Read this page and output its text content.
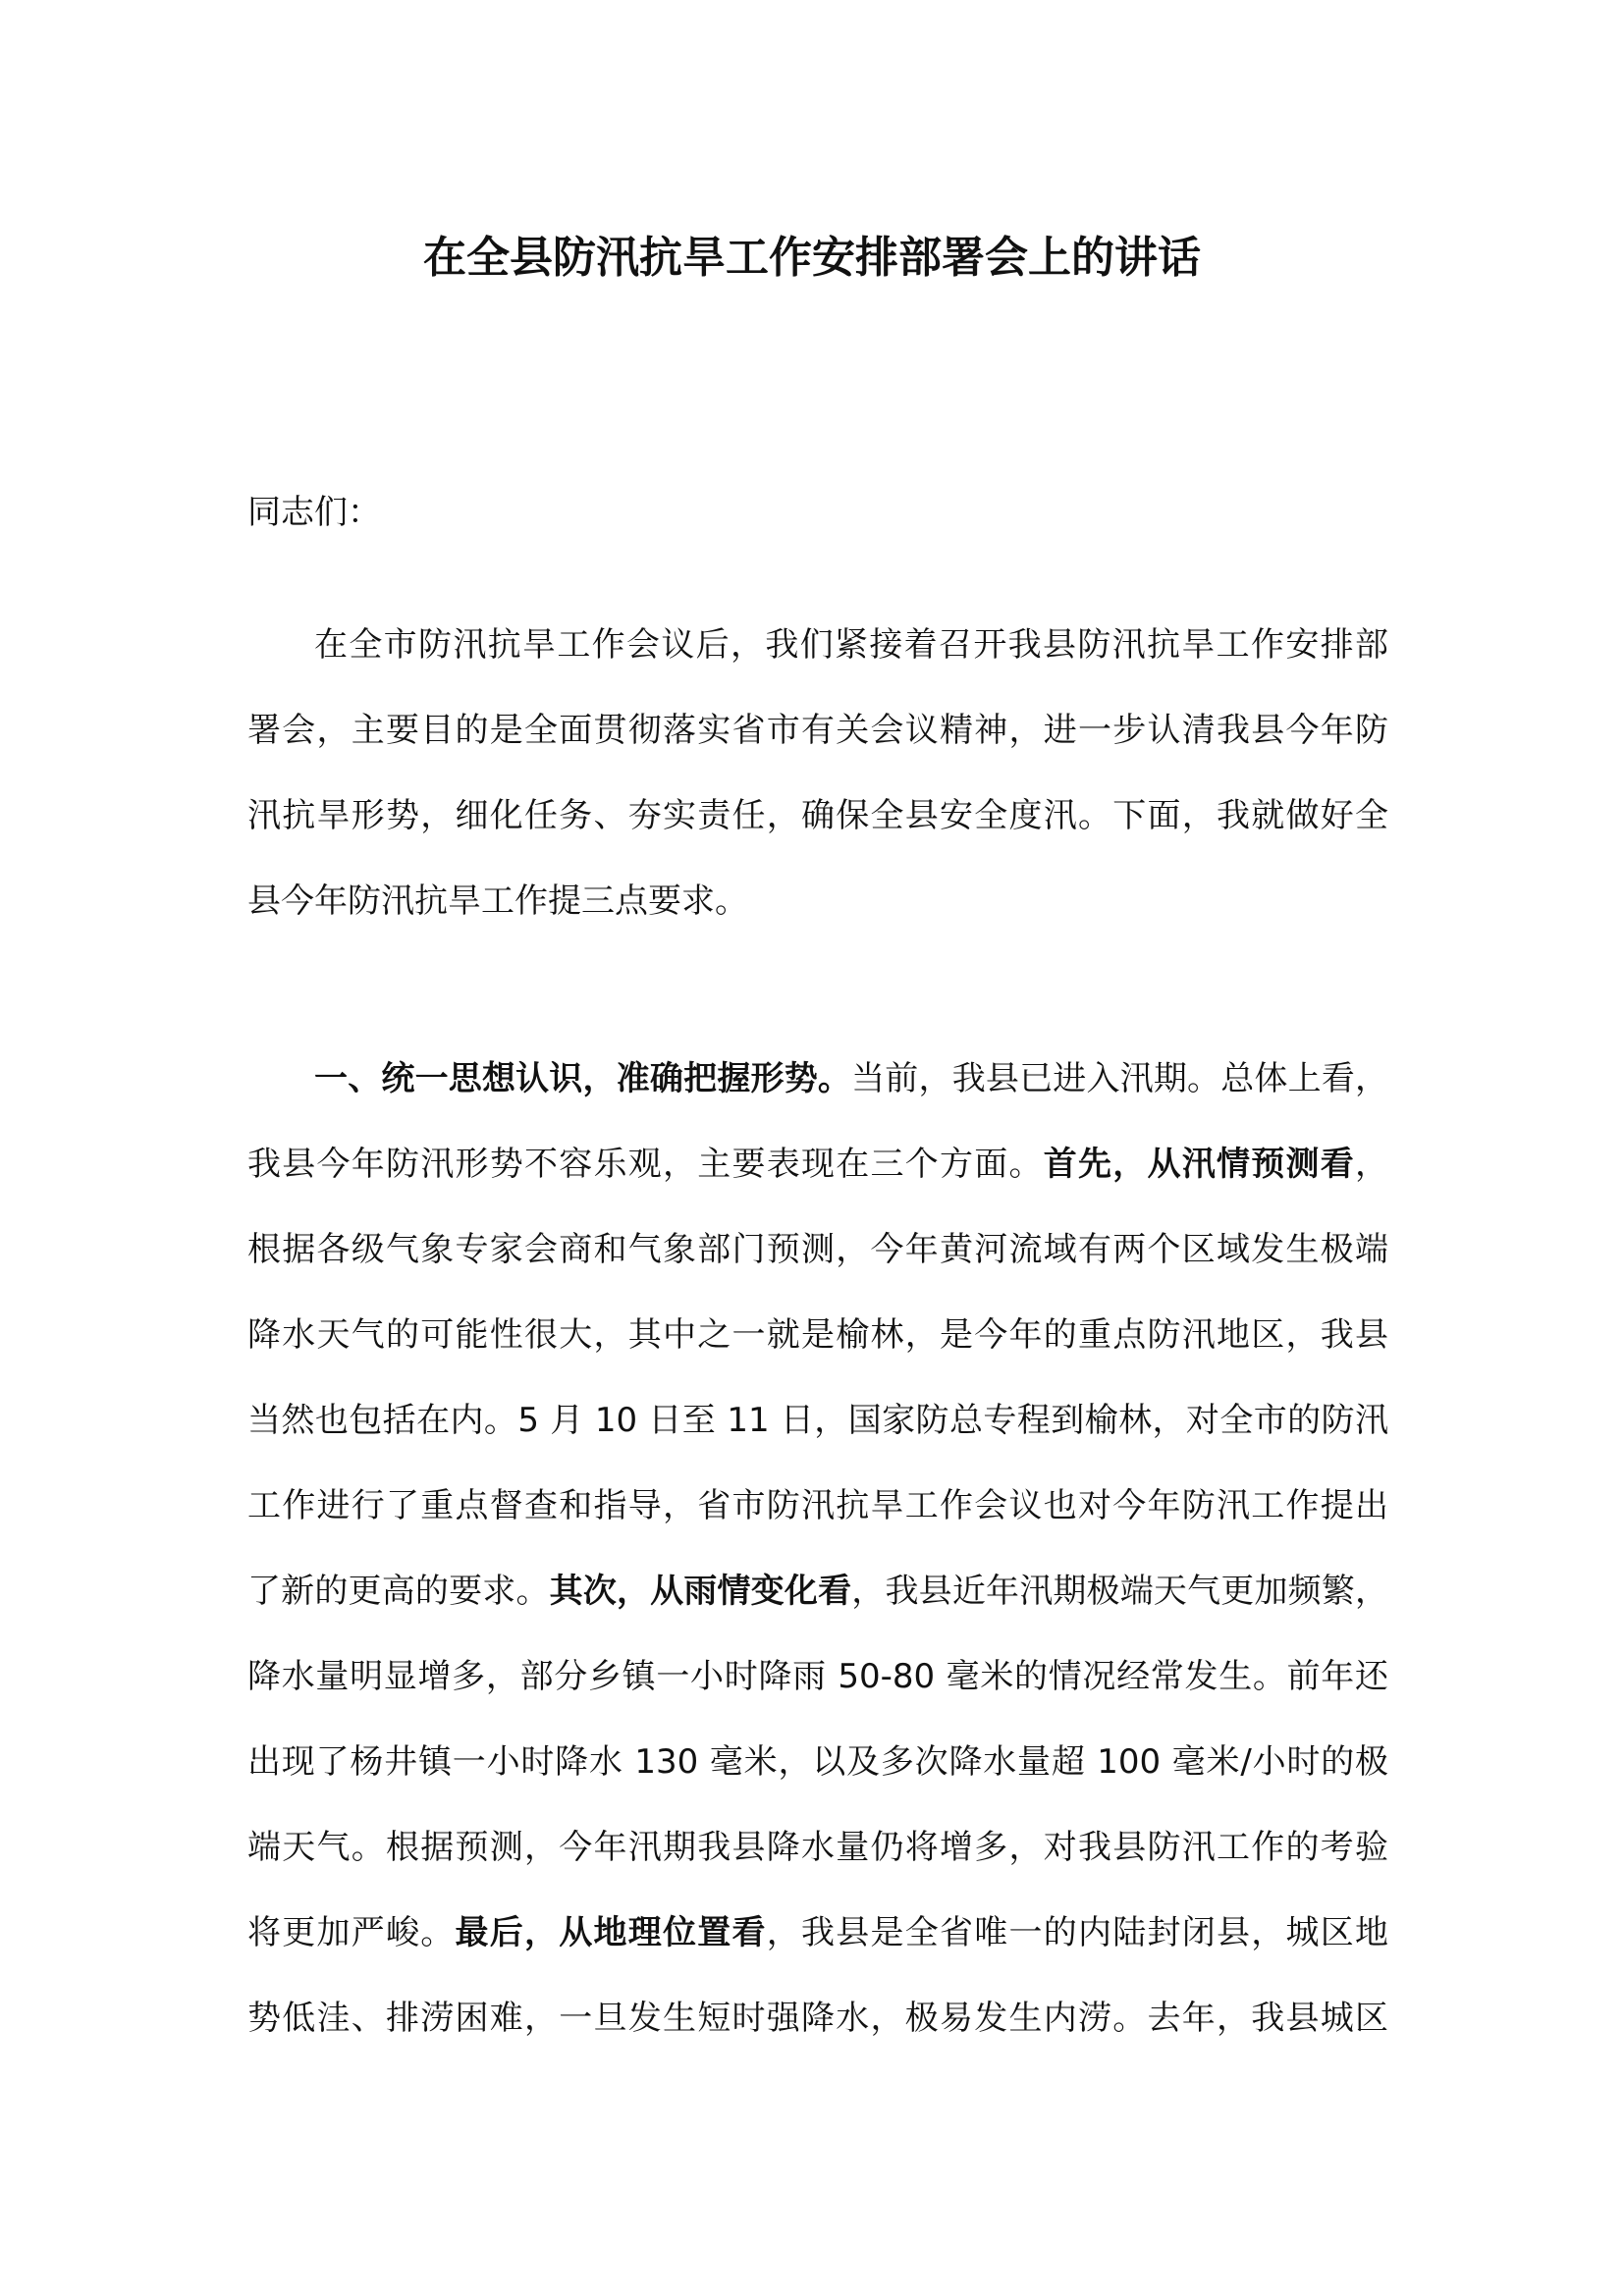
在全县防汛抗旱工作安排部署会上的讲话
同志们：
在全市防汛抗旱工作会议后，我们紧接着召开我县防汛抗旱工作安排部
署会，主要目的是全面贯彻落实省市有关会议精神，进一步认清我县今年防
汛抗旱形势，细化任务、夯实责任，确保全县安全度汛。下面，我就做好全
县今年防汛抗旱工作提三点要求。
一、统一思想认识，准确把握形势。当前，我县已进入汛期。总体上看，
我县今年防汛形势不容乐观，主要表现在三个方面。首先，从汛情预测看，
根据各级气象专家会商和气象部门预测，今年黄河流域有两个区域发生极端
降水天气的可能性很大，其中之一就是榆林，是今年的重点防汛地区，我县
当然也包括在内。5 月 10 日至 11 日，国家防总专程到榆林，对全市的防汛
工作进行了重点督查和指导，省市防汛抗旱工作会议也对今年防汛工作提出
了新的更高的要求。其次，从雨情变化看，我县近年汛期极端天气更加频繁，
降水量明显增多，部分乡镇一小时降雨 50-80 毫米的情况经常发生。前年还
出现了杨井镇一小时降水 130 毫米，以及多次降水量超 100 毫米/小时的极
端天气。根据预测，今年汛期我县降水量仍将增多，对我县防汛工作的考验
将更加严峻。最后，从地理位置看，我县是全省唯一的内陆封闭县，城区地
势低洼、排涝困难，一旦发生短时强降水，极易发生内涝。去年，我县城区
